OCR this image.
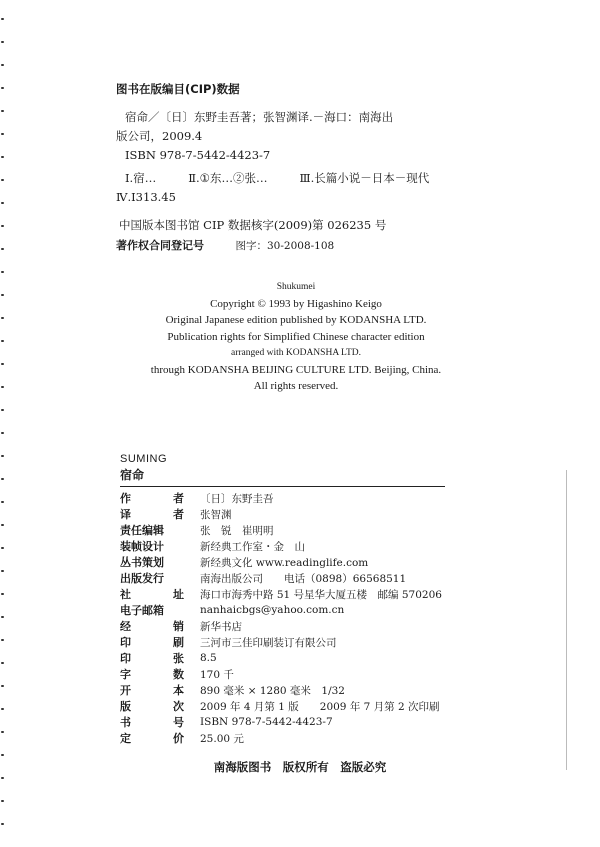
图书在版编目(CIP)数据
宿命／〔日〕东野圭吾著；张智渊译.－海口：南海出
版公司，2009.4
ISBN 978-7-5442-4423-7
Ⅰ.宿…	Ⅱ.①东…②张…	Ⅲ.长篇小说－日本－现代
Ⅳ.I313.45
中国版本图书馆 CIP 数据核字(2009)第 026235 号
著作权合同登记号	图字：30-2008-108
Shukumei
Copyright © 1993 by Higashino Keigo
Original Japanese edition published by KODANSHA LTD.
Publication rights for Simplified Chinese character edition
arranged with KODANSHA LTD.
through KODANSHA BEIJING CULTURE LTD. Beijing, China.
All rights reserved.
SUMING
宿命
作 者	〔日〕东野圭吾

译 者	张智渊

责任编辑	张　锐　崔明明

装帧设计	新经典工作室・金　山

丛书策划	新经典文化 www.readinglife.com

出版发行	南海出版公司　　电话（0898）66568511

社 址	海口市海秀中路 51 号星华大厦五楼　邮编 570206

电子邮箱	nanhaicbgs@yahoo.com.cn

经 销	新华书店

印 刷	三河市三佳印刷装订有限公司

印 张	8.5

字 数	170 千

开 本	890 毫米 × 1280 毫米　1/32

版 次	2009 年 4 月第 1 版　　2009 年 7 月第 2 次印刷

书 号	ISBN 978-7-5442-4423-7

定 价	25.00 元
南海版图书　版权所有　盗版必究
